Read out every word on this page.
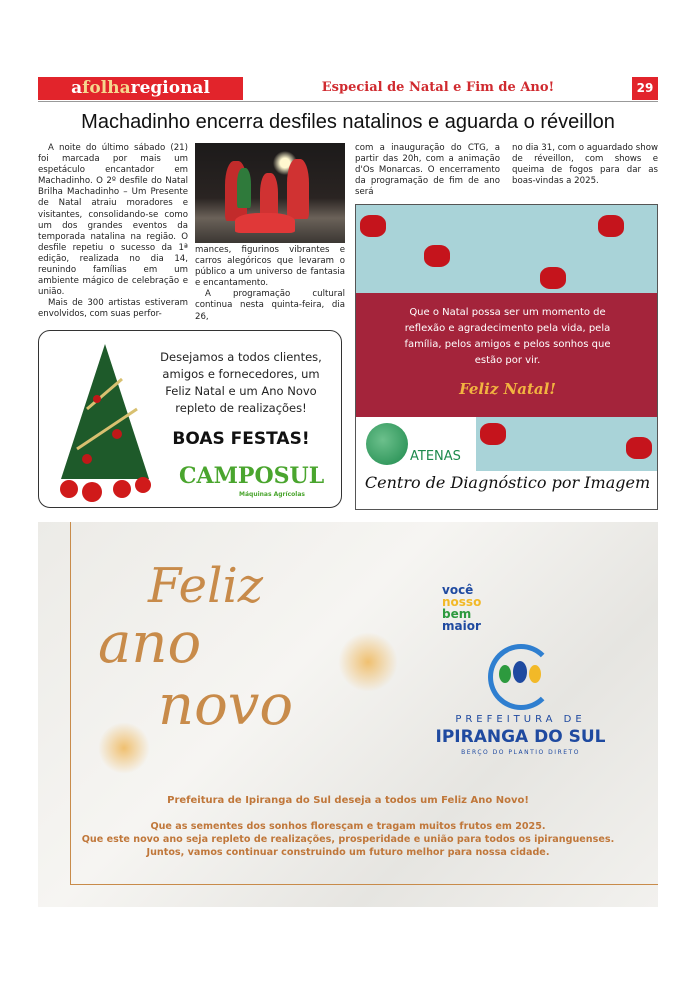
afolharegional	Especial de Natal e Fim de Ano!	29
Machadinho encerra desfiles natalinos e aguarda o réveillon

A noite do último sábado (21) foi marcada por mais um espetáculo encantador em Machadinho. O 2º desfile do Natal Brilha Machadinho – Um Presente de Natal atraiu moradores e visitantes, consolidando-se como um dos grandes eventos da temporada natalina na região. O desfile repetiu o sucesso da 1ª edição, realizada no dia 14, reunindo famílias em um ambiente mágico de celebração e união.

Mais de 300 artistas estiveram envolvidos, com suas perfor-

mances, figurinos vibrantes e carros alegóricos que levaram o público a um universo de fantasia e encantamento.

A programação cultural continua nesta quinta-feira, dia 26,

com a inauguração do CTG, a partir das 20h, com a animação d'Os Monarcas. O encerramento da programação de fim de ano será
no dia 31, com o aguardado show de réveillon, com shows e queima de fogos para dar as boas-vindas a 2025.
Que o Natal possa ser um momento de reflexão e agradecimento pela vida, pela família, pelos amigos e pelos sonhos que estão por vir.
Feliz Natal!
ATENAS
Centro de Diagnóstico por Imagem
Desejamos a todos clientes, amigos e fornecedores, um Feliz Natal e um Ano Novo repleto de realizações!
BOAS FESTAS!
CAMPOSUL
Máquinas Agrícolas
Feliz
ano
novo
você
nosso
bem
maior
PREFEITURA DE
IPIRANGA DO SUL
BERÇO DO PLANTIO DIRETO
Prefeitura de Ipiranga do Sul deseja a todos um Feliz Ano Novo!
Que as sementes dos sonhos floresçam e tragam muitos frutos em 2025.
Que este novo ano seja repleto de realizações, prosperidade e união para todos os ipiranguenses.
Juntos, vamos continuar construindo um futuro melhor para nossa cidade.
